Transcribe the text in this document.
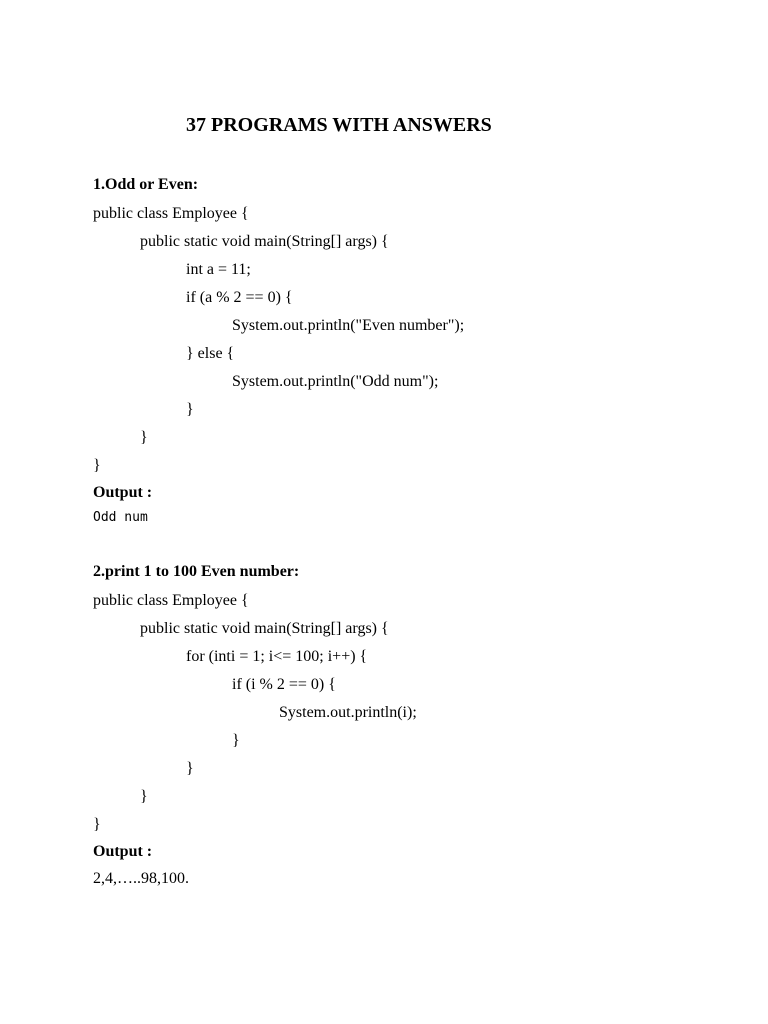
37 PROGRAMS WITH ANSWERS
1.Odd or Even:
public class Employee {
public static void main(String[] args) {
int a = 11;
if (a % 2 == 0) {
System.out.println("Even number");
} else {
System.out.println("Odd num");
}
}
}
Output :
Odd num
2.print 1 to 100 Even number:
public class Employee {
public static void main(String[] args) {
for (inti = 1; i<= 100; i++) {
if (i % 2 == 0) {
System.out.println(i);
}
}
}
}
Output :
2,4,…..98,100.
